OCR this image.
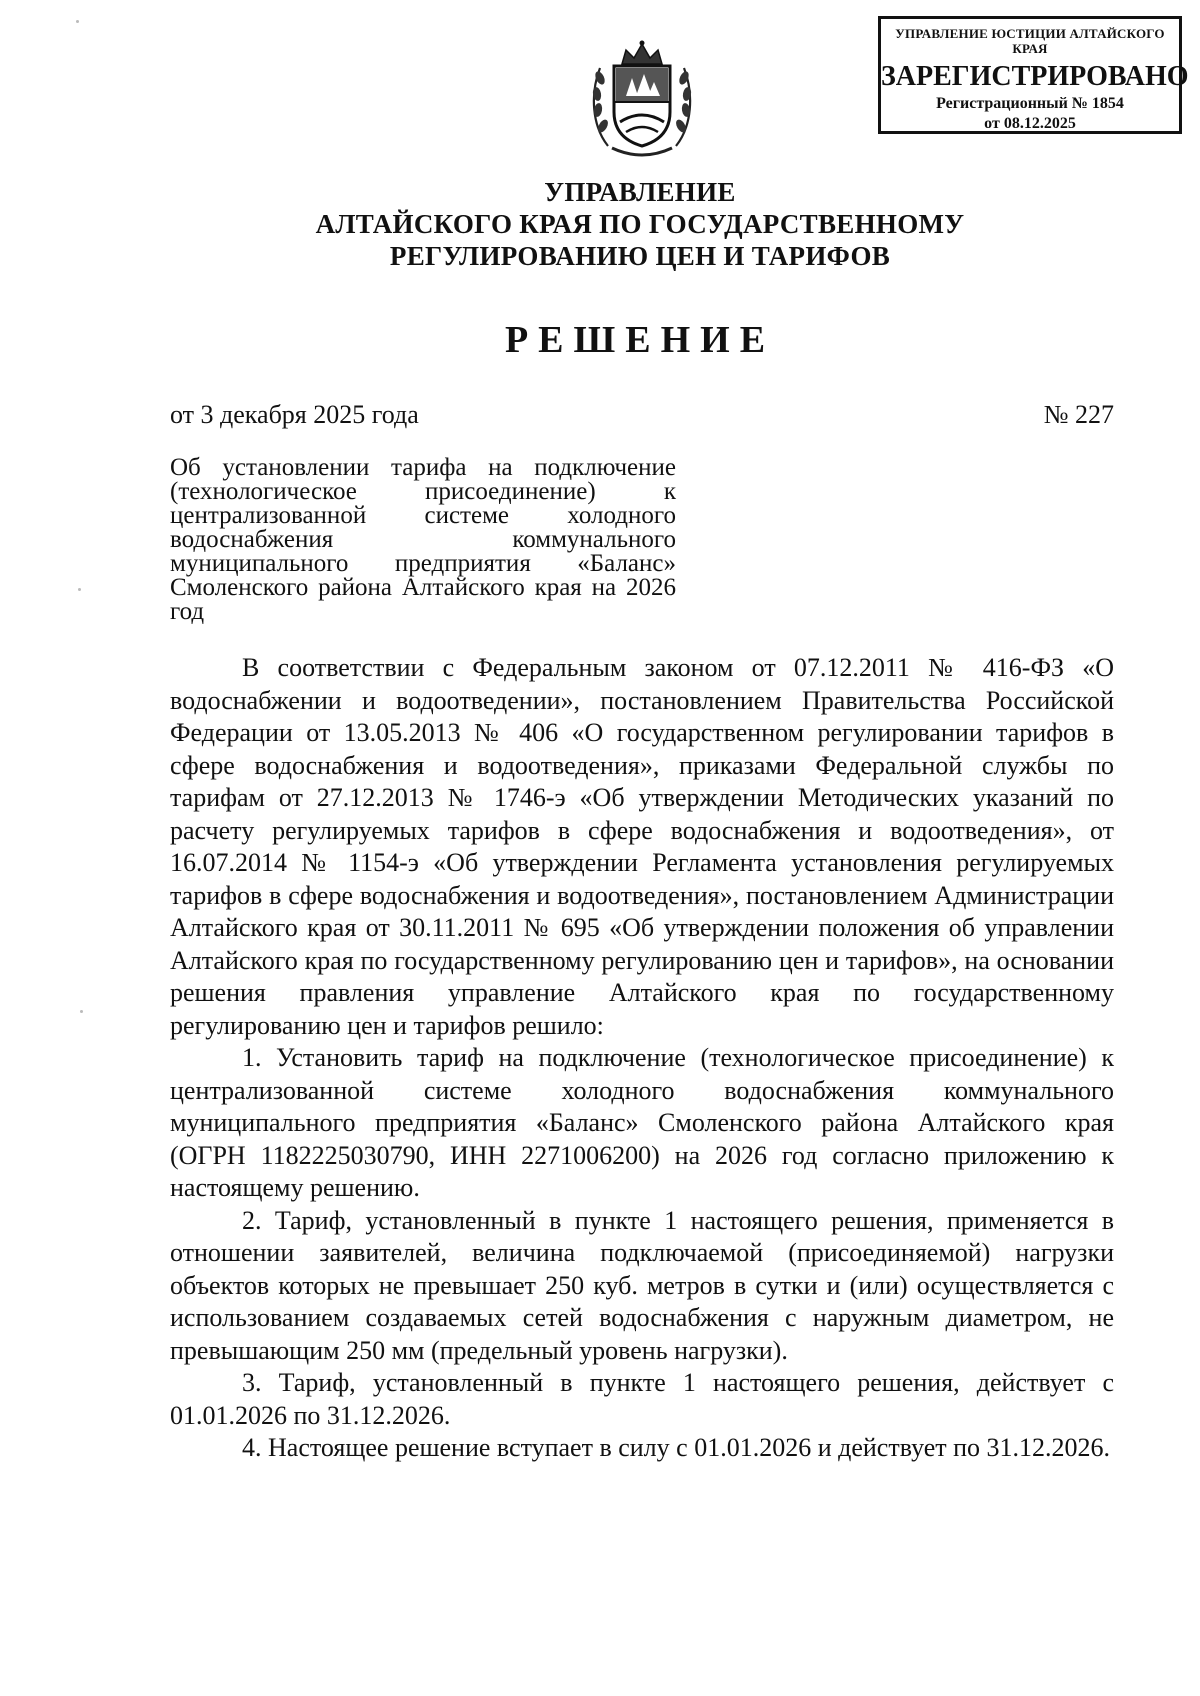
УПРАВЛЕНИЕ ЮСТИЦИИ АЛТАЙСКОГО КРАЯ
ЗАРЕГИСТРИРОВАНО
Регистрационный № 1854
от 08.12.2025
УПРАВЛЕНИЕ
АЛТАЙСКОГО КРАЯ ПО ГОСУДАРСТВЕННОМУ
РЕГУЛИРОВАНИЮ ЦЕН И ТАРИФОВ
РЕШЕНИЕ
от 3 декабря 2025 года	№ 227
Об установлении тарифа на подключение (технологическое присоединение) к централизованной системе холодного водоснабжения коммунального муниципального предприятия «Баланс» Смоленского района Алтайского края на 2026 год

В соответствии с Федеральным законом от 07.12.2011 № 416-ФЗ «О водоснабжении и водоотведении», постановлением Правительства Российской Федерации от 13.05.2013 № 406 «О государственном регулировании тарифов в сфере водоснабжения и водоотведения», приказами Федеральной службы по тарифам от 27.12.2013 № 1746-э «Об утверждении Методических указаний по расчету регулируемых тарифов в сфере водоснабжения и водоотведения», от 16.07.2014 № 1154-э «Об утверждении Регламента установления регулируемых тарифов в сфере водоснабжения и водоотведения», постановлением Администрации Алтайского края от 30.11.2011 № 695 «Об утверждении положения об управлении Алтайского края по государственному регулированию цен и тарифов», на основании решения правления управление Алтайского края по государственному регулированию цен и тарифов решило:

1. Установить тариф на подключение (технологическое присоединение) к централизованной системе холодного водоснабжения коммунального муниципального предприятия «Баланс» Смоленского района Алтайского края (ОГРН 1182225030790, ИНН 2271006200) на 2026 год согласно приложению к настоящему решению.

2. Тариф, установленный в пункте 1 настоящего решения, применяется в отношении заявителей, величина подключаемой (присоединяемой) нагрузки объектов которых не превышает 250 куб. метров в сутки и (или) осуществляется с использованием создаваемых сетей водоснабжения с наружным диаметром, не превышающим 250 мм (предельный уровень нагрузки).

3. Тариф, установленный в пункте 1 настоящего решения, действует с 01.01.2026 по 31.12.2026.

4. Настоящее решение вступает в силу с 01.01.2026 и действует по 31.12.2026.
